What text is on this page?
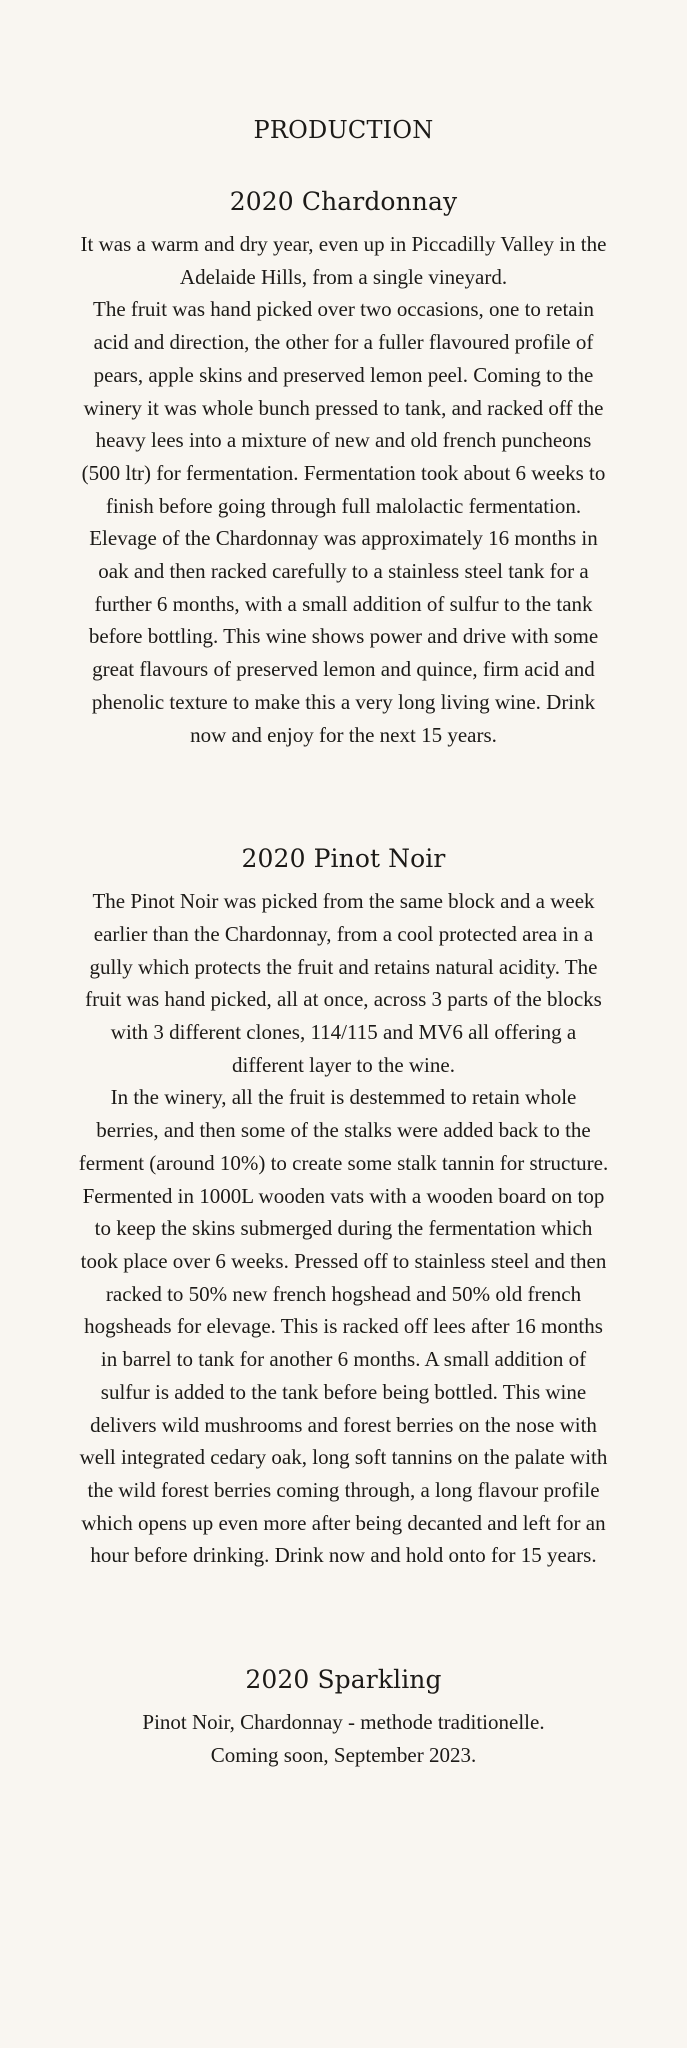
PRODUCTION
2020 Chardonnay

It was a warm and dry year, even up in Piccadilly Valley in the Adelaide Hills, from a single vineyard.

The fruit was hand picked over two occasions, one to retain acid and direction, the other for a fuller flavoured profile of pears, apple skins and preserved lemon peel. Coming to the winery it was whole bunch pressed to tank, and racked off the heavy lees into a mixture of new and old french puncheons (500 ltr) for fermentation. Fermentation took about 6 weeks to finish before going through full malolactic fermentation. Elevage of the Chardonnay was approximately 16 months in oak and then racked carefully to a stainless steel tank for a further 6 months, with a small addition of sulfur to the tank before bottling. This wine shows power and drive with some great flavours of preserved lemon and quince, firm acid and phenolic texture to make this a very long living wine. Drink now and enjoy for the next 15 years.

2020 Pinot Noir

The Pinot Noir was picked from the same block and a week earlier than the Chardonnay, from a cool protected area in a gully which protects the fruit and retains natural acidity. The fruit was hand picked, all at once, across 3 parts of the blocks with 3 different clones, 114/115 and MV6 all offering a different layer to the wine.

In the winery, all the fruit is destemmed to retain whole berries, and then some of the stalks were added back to the ferment (around 10%) to create some stalk tannin for structure. Fermented in 1000L wooden vats with a wooden board on top to keep the skins submerged during the fermentation which took place over 6 weeks. Pressed off to stainless steel and then racked to 50% new french hogshead and 50% old french hogsheads for elevage. This is racked off lees after 16 months in barrel to tank for another 6 months. A small addition of sulfur is added to the tank before being bottled. This wine delivers wild mushrooms and forest berries on the nose with well integrated cedary oak, long soft tannins on the palate with the wild forest berries coming through, a long flavour profile which opens up even more after being decanted and left for an hour before drinking. Drink now and hold onto for 15 years.

2020 Sparkling

Pinot Noir, Chardonnay - methode traditionelle.

Coming soon, September 2023.
